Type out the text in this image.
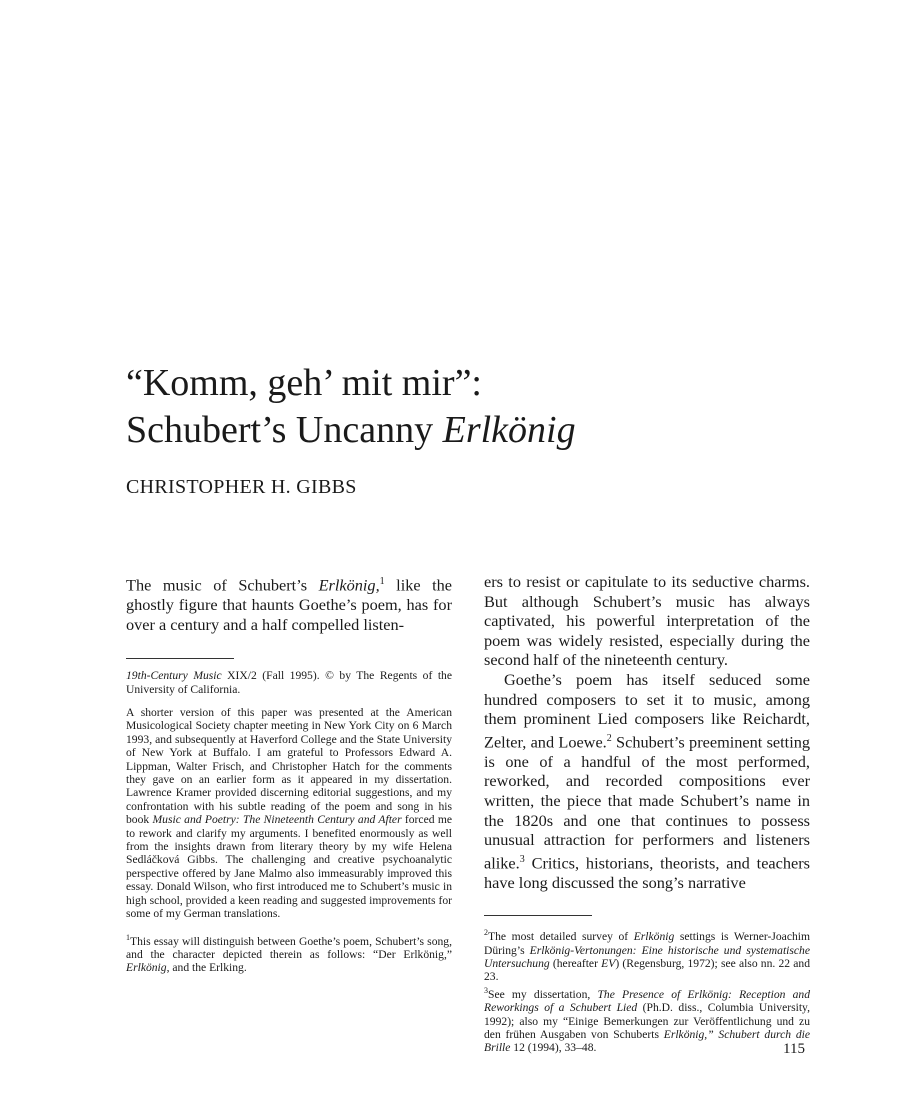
“Komm, geh’ mit mir”:
Schubert’s Uncanny Erlkönig
CHRISTOPHER H. GIBBS

The music of Schubert’s Erlkönig,$^1$ like the ghostly figure that haunts Goethe’s poem, has for over a century and a half compelled listen-

19th-Century Music XIX/2 (Fall 1995). © by The Regents of the University of California.

A shorter version of this paper was presented at the American Musicological Society chapter meeting in New York City on 6 March 1993, and subsequently at Haverford College and the State University of New York at Buffalo. I am grateful to Professors Edward A. Lippman, Walter Frisch, and Christopher Hatch for the comments they gave on an earlier form as it appeared in my dissertation. Lawrence Kramer provided discerning editorial suggestions, and my confrontation with his subtle reading of the poem and song in his book Music and Poetry: The Nineteenth Century and After forced me to rework and clarify my arguments. I benefited enormously as well from the insights drawn from literary theory by my wife Helena Sedláčková Gibbs. The challenging and creative psychoanalytic perspective offered by Jane Malmo also immeasurably improved this essay. Donald Wilson, who first introduced me to Schubert’s music in high school, provided a keen reading and suggested improvements for some of my German translations.

$^1$This essay will distinguish between Goethe’s poem, Schubert’s song, and the character depicted therein as follows: “Der Erlkönig,” Erlkönig, and the Erlking.

ers to resist or capitulate to its seductive charms. But although Schubert’s music has always captivated, his powerful interpretation of the poem was widely resisted, especially during the second half of the nineteenth century.

Goethe’s poem has itself seduced some hundred composers to set it to music, among them prominent Lied composers like Reichardt, Zelter, and Loewe.$^2$ Schubert’s preeminent setting is one of a handful of the most performed, reworked, and recorded compositions ever written, the piece that made Schubert’s name in the 1820s and one that continues to possess unusual attraction for performers and listeners alike.$^3$ Critics, historians, theorists, and teachers have long discussed the song’s narrative

$^2$The most detailed survey of Erlkönig settings is Werner-Joachim Düring’s Erlkönig-Vertonungen: Eine historische und systematische Untersuchung (hereafter EV) (Regensburg, 1972); see also nn. 22 and 23.

$^3$See my dissertation, The Presence of Erlkönig: Reception and Reworkings of a Schubert Lied (Ph.D. diss., Columbia University, 1992); also my “Einige Bemerkungen zur Veröffentlichung und zu den frühen Ausgaben von Schuberts Erlkönig,” Schubert durch die Brille 12 (1994), 33–48.	115
